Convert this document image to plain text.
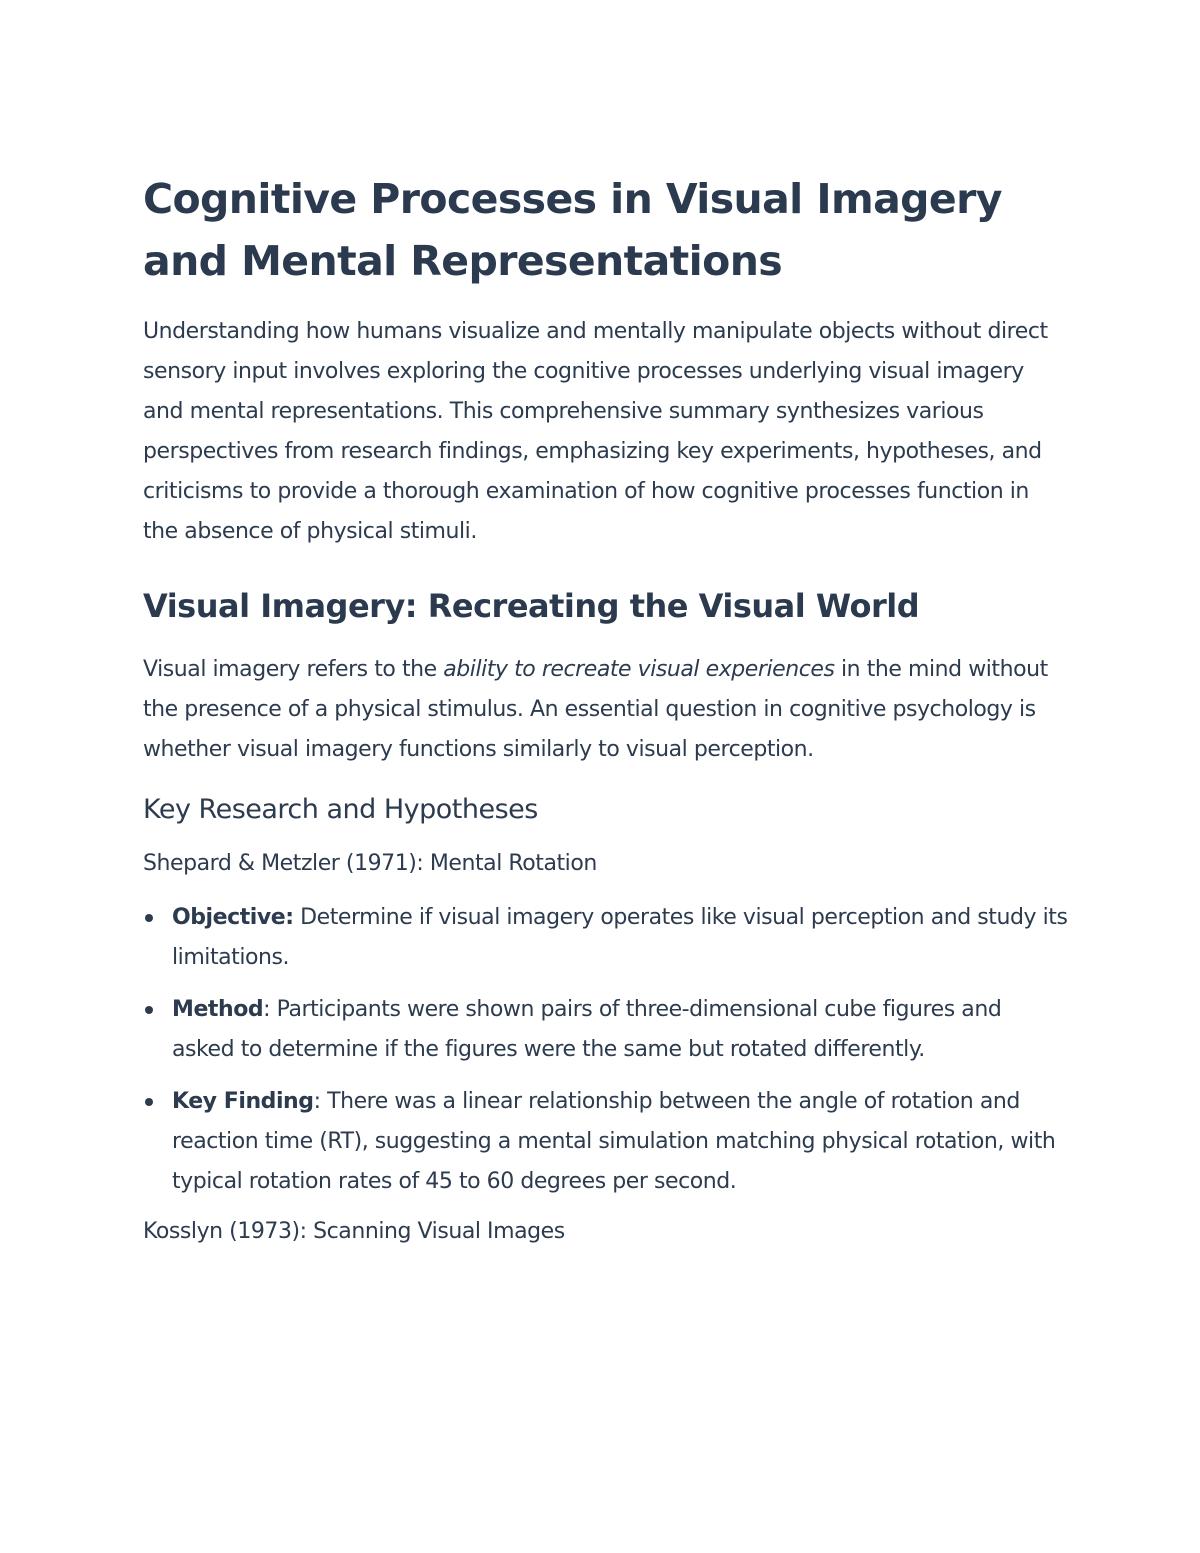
Cognitive Processes in Visual Imagery and Mental Representations

Understanding how humans visualize and mentally manipulate objects without direct sensory input involves exploring the cognitive processes underlying visual imagery and mental representations. This comprehensive summary synthesizes various perspectives from research findings, emphasizing key experiments, hypotheses, and criticisms to provide a thorough examination of how cognitive processes function in the absence of physical stimuli.

Visual Imagery: Recreating the Visual World

Visual imagery refers to the ability to recreate visual experiences in the mind without the presence of a physical stimulus. An essential question in cognitive psychology is whether visual imagery functions similarly to visual perception.

Key Research and Hypotheses
Shepard & Metzler (1971): Mental Rotation
Objective: Determine if visual imagery operates like visual perception and study its limitations.
Method: Participants were shown pairs of three-dimensional cube figures and asked to determine if the figures were the same but rotated differently.
Key Finding: There was a linear relationship between the angle of rotation and reaction time (RT), suggesting a mental simulation matching physical rotation, with typical rotation rates of 45 to 60 degrees per second.
Kosslyn (1973): Scanning Visual Images
